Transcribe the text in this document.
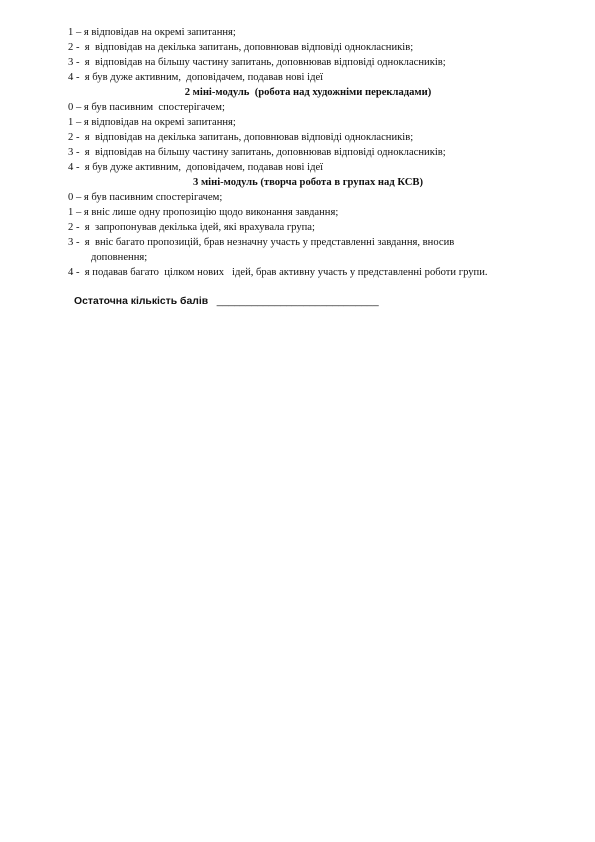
1 – я відповідав на окремі запитання;
2 -  я  відповідав на декілька запитань, доповнював відповіді однокласників;
3 -  я  відповідав на більшу частину запитань, доповнював відповіді однокласників;
4 -  я був дуже активним,  доповідачем, подавав нові ідеї
2 міні-модуль  (робота над художніми перекладами)
0 – я був пасивним  спостерігачем;
1 – я відповідав на окремі запитання;
2 -  я  відповідав на декілька запитань, доповнював відповіді однокласників;
3 -  я  відповідав на більшу частину запитань, доповнював відповіді однокласників;
4 -  я був дуже активним,  доповідачем, подавав нові ідеї
3 міні-модуль (творча робота в групах над КСВ)
0 – я був пасивним спостерігачем;
1 – я вніс лише одну пропозицію щодо виконання завдання;
2 -  я  запропонував декілька ідей, які врахувала група;
3 -  я  вніс багато пропозицій, брав незначну участь у представленні завдання, вносив
доповнення;
4 -  я подавав багато  цілком нових   ідей, брав активну участь у представленні роботи групи.
Остаточна кількість балів ____________________________
